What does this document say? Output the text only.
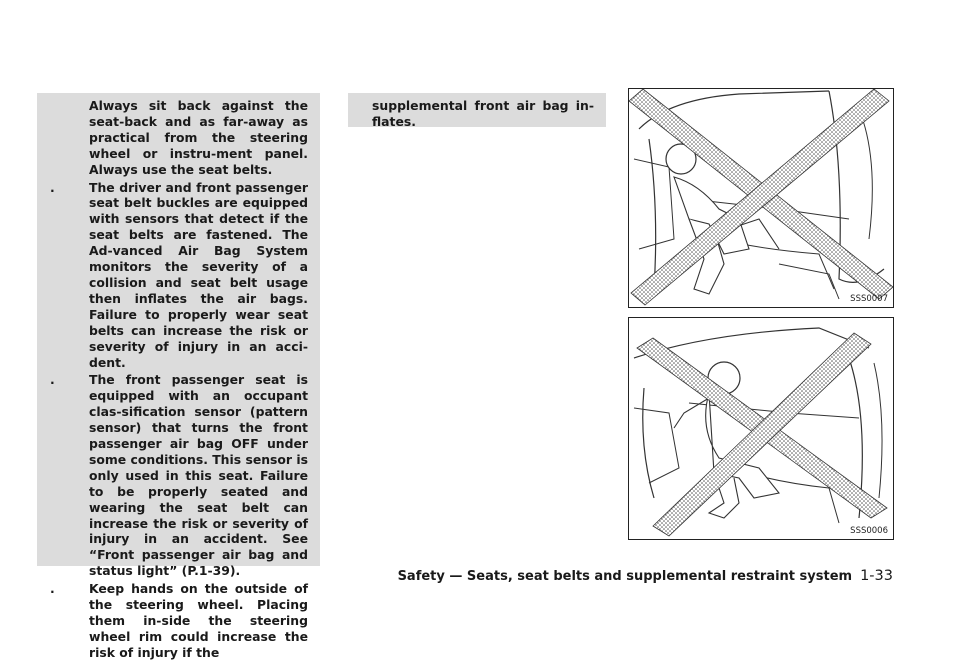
Always sit back against the seat-back and as far-away as practical from the steering wheel or instru-ment panel. Always use the seat belts.
.	The driver and front passenger seat belt buckles are equipped with sensors that detect if the seat belts are fastened. The Ad-vanced Air Bag System monitors the severity of a collision and seat belt usage then inflates the air bags. Failure to properly wear seat belts can increase the risk or severity of injury in an acci-dent.
.	The front passenger seat is equipped with an occupant clas-sification sensor (pattern sensor) that turns the front passenger air bag OFF under some conditions. This sensor is only used in this seat. Failure to be properly seated and wearing the seat belt can increase the risk or severity of injury in an accident. See “Front passenger air bag and status light” (P.1-39).
.	Keep hands on the outside of the steering wheel. Placing them in-side the steering wheel rim could increase the risk of injury if the
supplemental front air bag in-flates.
SSS0007
SSS0006
Safety — Seats, seat belts and supplemental restraint system 1-33
